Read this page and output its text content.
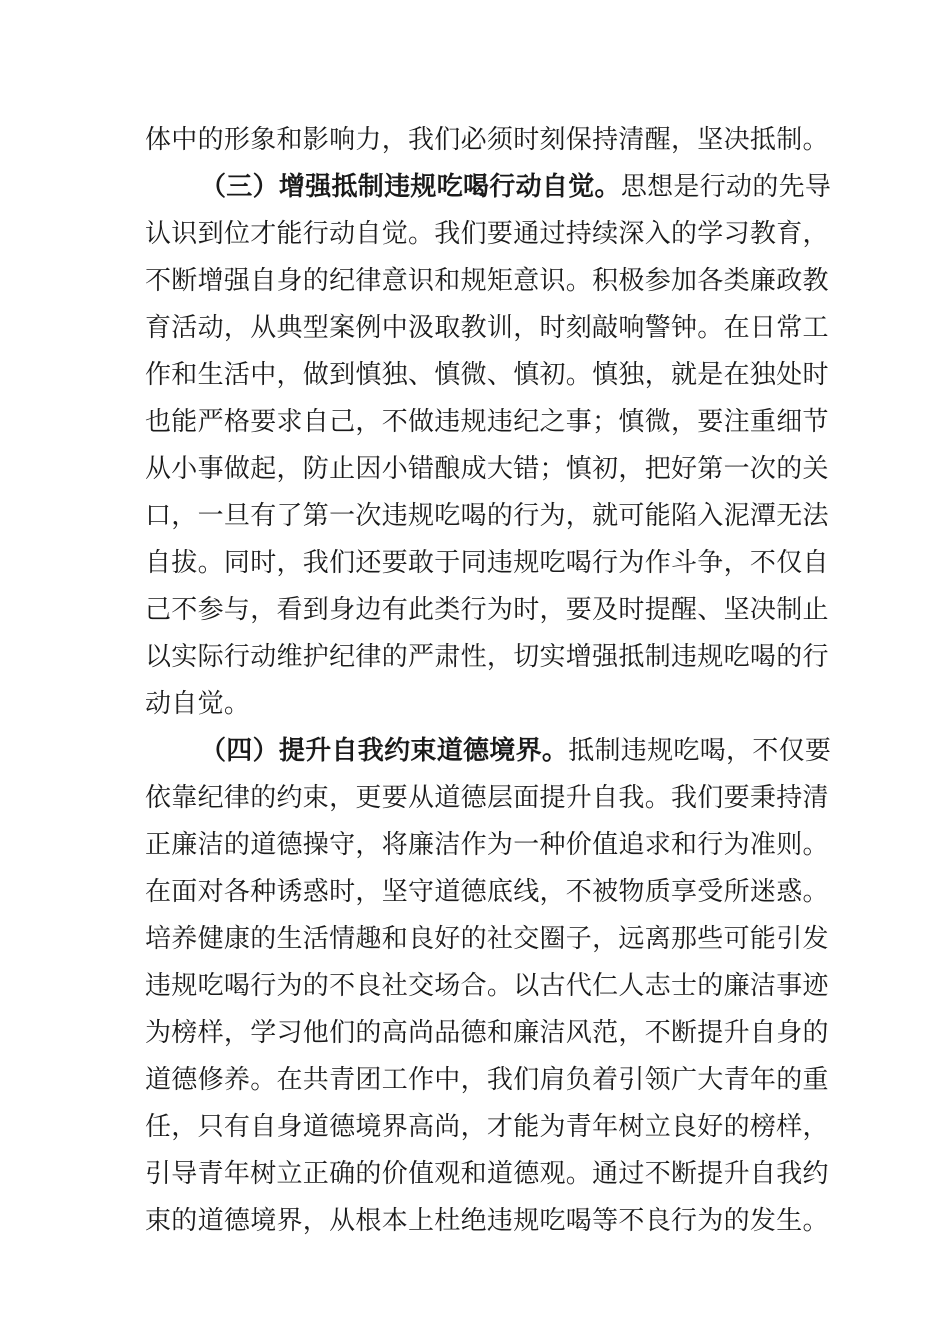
体中的形象和影响力，我们必须时刻保持清醒，坚决抵制。
（三）增强抵制违规吃喝行动自觉。思想是行动的先导
认识到位才能行动自觉。我们要通过持续深入的学习教育，
不断增强自身的纪律意识和规矩意识。积极参加各类廉政教
育活动，从典型案例中汲取教训，时刻敲响警钟。在日常工
作和生活中，做到慎独、慎微、慎初。慎独，就是在独处时
也能严格要求自己，不做违规违纪之事；慎微，要注重细节
从小事做起，防止因小错酿成大错；慎初，把好第一次的关
口，一旦有了第一次违规吃喝的行为，就可能陷入泥潭无法
自拔。同时，我们还要敢于同违规吃喝行为作斗争，不仅自
己不参与，看到身边有此类行为时，要及时提醒、坚决制止
以实际行动维护纪律的严肃性，切实增强抵制违规吃喝的行
动自觉。
（四）提升自我约束道德境界。抵制违规吃喝，不仅要
依靠纪律的约束，更要从道德层面提升自我。我们要秉持清
正廉洁的道德操守，将廉洁作为一种价值追求和行为准则。
在面对各种诱惑时，坚守道德底线，不被物质享受所迷惑。
培养健康的生活情趣和良好的社交圈子，远离那些可能引发
违规吃喝行为的不良社交场合。以古代仁人志士的廉洁事迹
为榜样，学习他们的高尚品德和廉洁风范，不断提升自身的
道德修养。在共青团工作中，我们肩负着引领广大青年的重
任，只有自身道德境界高尚，才能为青年树立良好的榜样，
引导青年树立正确的价值观和道德观。通过不断提升自我约
束的道德境界，从根本上杜绝违规吃喝等不良行为的发生。
